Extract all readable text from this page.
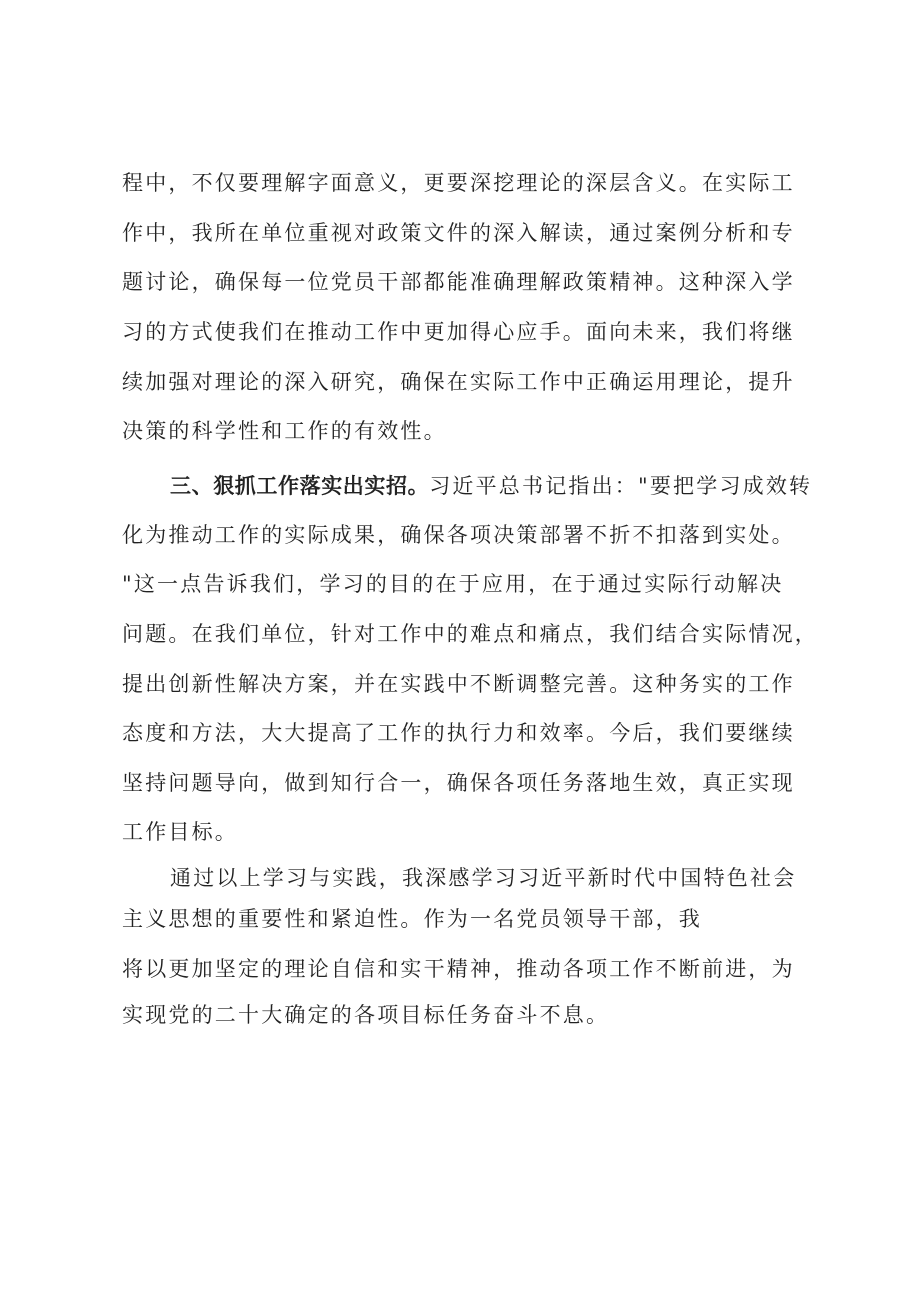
程中，不仅要理解字面意义，更要深挖理论的深层含义。在实际工
作中，我所在单位重视对政策文件的深入解读，通过案例分析和专
题讨论，确保每一位党员干部都能准确理解政策精神。这种深入学
习的方式使我们在推动工作中更加得心应手。面向未来，我们将继
续加强对理论的深入研究，确保在实际工作中正确运用理论，提升
决策的科学性和工作的有效性。
三、狠抓工作落实出实招。习近平总书记指出："要把学习成效转
化为推动工作的实际成果，确保各项决策部署不折不扣落到实处。
"这一点告诉我们，学习的目的在于应用，在于通过实际行动解决
问题。在我们单位，针对工作中的难点和痛点，我们结合实际情况，
提出创新性解决方案，并在实践中不断调整完善。这种务实的工作
态度和方法，大大提高了工作的执行力和效率。今后，我们要继续
坚持问题导向，做到知行合一，确保各项任务落地生效，真正实现
工作目标。
通过以上学习与实践，我深感学习习近平新时代中国特色社会
主义思想的重要性和紧迫性。作为一名党员领导干部，我
将以更加坚定的理论自信和实干精神，推动各项工作不断前进，为
实现党的二十大确定的各项目标任务奋斗不息。
